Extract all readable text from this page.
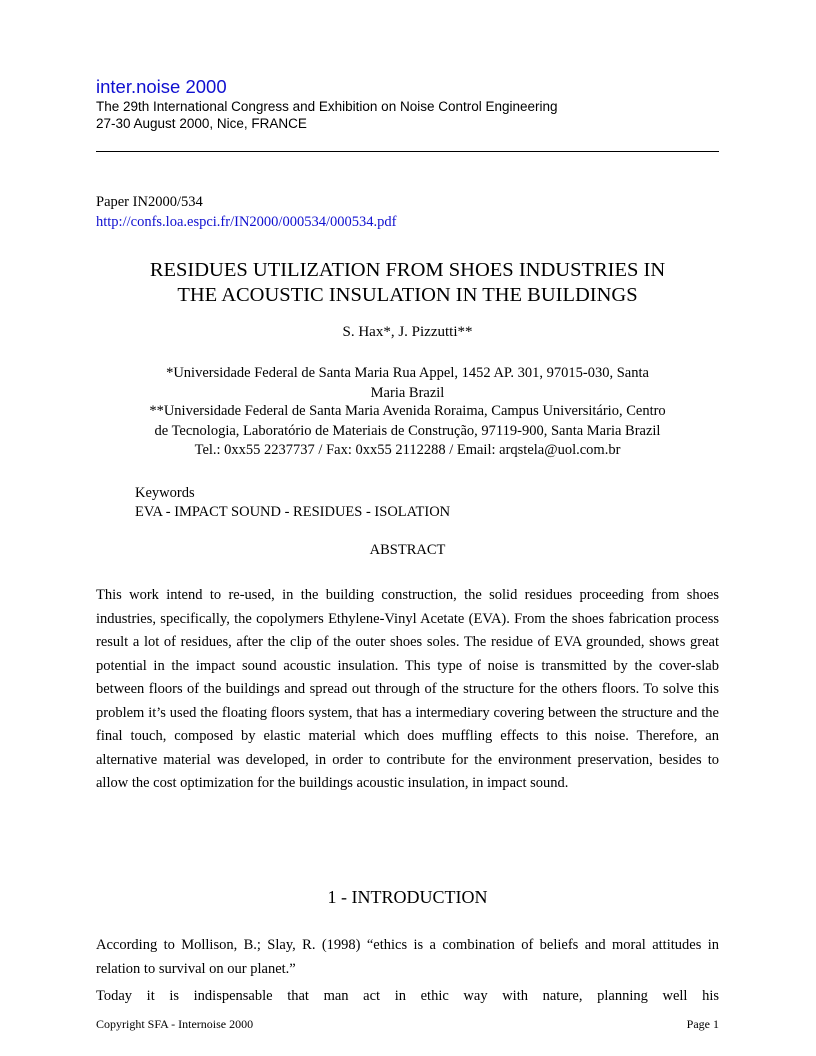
inter.noise 2000
The 29th International Congress and Exhibition on Noise Control Engineering
27-30 August 2000, Nice, FRANCE
Paper IN2000/534
http://confs.loa.espci.fr/IN2000/000534/000534.pdf
RESIDUES UTILIZATION FROM SHOES INDUSTRIES IN
THE ACOUSTIC INSULATION IN THE BUILDINGS
S. Hax*, J. Pizzutti**
*Universidade Federal de Santa Maria Rua Appel, 1452 AP. 301, 97015-030, Santa
Maria Brazil
**Universidade Federal de Santa Maria Avenida Roraima, Campus Universitário, Centro
de Tecnologia, Laboratório de Materiais de Construção, 97119-900, Santa Maria Brazil
Tel.: 0xx55 2237737 / Fax: 0xx55 2112288 / Email: arqstela@uol.com.br
Keywords
EVA - IMPACT SOUND - RESIDUES - ISOLATION
ABSTRACT

This work intend to re-used, in the building construction, the solid residues proceeding from shoes industries, specifically, the copolymers Ethylene-Vinyl Acetate (EVA). From the shoes fabrication process result a lot of residues, after the clip of the outer shoes soles. The residue of EVA grounded, shows great potential in the impact sound acoustic insulation. This type of noise is transmitted by the cover-slab between floors of the buildings and spread out through of the structure for the others floors. To solve this problem it’s used the floating floors system, that has a intermediary covering between the structure and the final touch, composed by elastic material which does muffling effects to this noise. Therefore, an alternative material was developed, in order to contribute for the environment preservation, besides to allow the cost optimization for the buildings acoustic insulation, in impact sound.

1 - INTRODUCTION

According to Mollison, B.; Slay, R. (1998) “ethics is a combination of beliefs and moral attitudes in relation to survival on our planet.”

Today it is indispensable that man act in ethic way with nature, planning well his

Copyright SFA - Internoise 2000	Page 1
